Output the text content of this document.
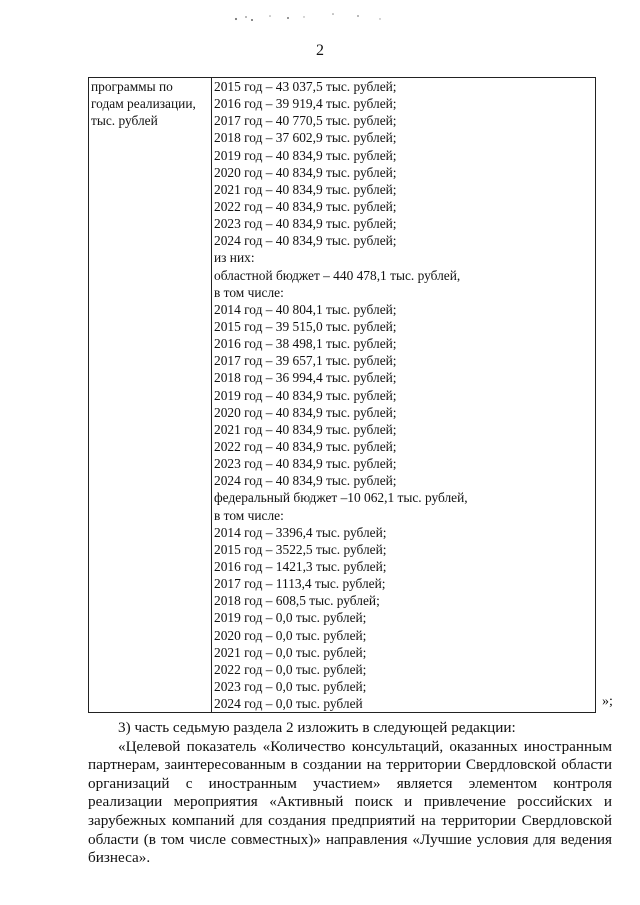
2
программы по
годам реализации,
тыс. рублей

2015 год – 43 037,5 тыс. рублей;
2016 год – 39 919,4 тыс. рублей;
2017 год – 40 770,5 тыс. рублей;
2018 год – 37 602,9 тыс. рублей;
2019 год – 40 834,9 тыс. рублей;
2020 год – 40 834,9 тыс. рублей;
2021 год – 40 834,9 тыс. рублей;
2022 год – 40 834,9 тыс. рублей;
2023 год – 40 834,9 тыс. рублей;
2024 год – 40 834,9 тыс. рублей;
из них:
областной бюджет – 440 478,1 тыс. рублей,
в том числе:
2014 год – 40 804,1 тыс. рублей;
2015 год – 39 515,0 тыс. рублей;
2016 год – 38 498,1 тыс. рублей;
2017 год – 39 657,1 тыс. рублей;
2018 год – 36 994,4 тыс. рублей;
2019 год – 40 834,9 тыс. рублей;
2020 год – 40 834,9 тыс. рублей;
2021 год – 40 834,9 тыс. рублей;
2022 год – 40 834,9 тыс. рублей;
2023 год – 40 834,9 тыс. рублей;
2024 год – 40 834,9 тыс. рублей;
федеральный бюджет –10 062,1 тыс. рублей,
в том числе:
2014 год – 3396,4 тыс. рублей;
2015 год – 3522,5 тыс. рублей;
2016 год – 1421,3 тыс. рублей;
2017 год – 1113,4 тыс. рублей;
2018 год – 608,5 тыс. рублей;
2019 год – 0,0 тыс. рублей;
2020 год – 0,0 тыс. рублей;
2021 год – 0,0 тыс. рублей;
2022 год – 0,0 тыс. рублей;
2023 год – 0,0 тыс. рублей;
2024 год – 0,0 тыс. рублей	»;

3) часть седьмую раздела 2 изложить в следующей редакции:

«Целевой показатель «Количество консультаций, оказанных иностранным партнерам, заинтересованным в создании на территории Свердловской области организаций с иностранным участием» является элементом контроля реализации мероприятия «Активный поиск и привлечение российских и зарубежных компаний для создания предприятий на территории Свердловской области (в том числе совместных)» направления «Лучшие условия для ведения бизнеса».
